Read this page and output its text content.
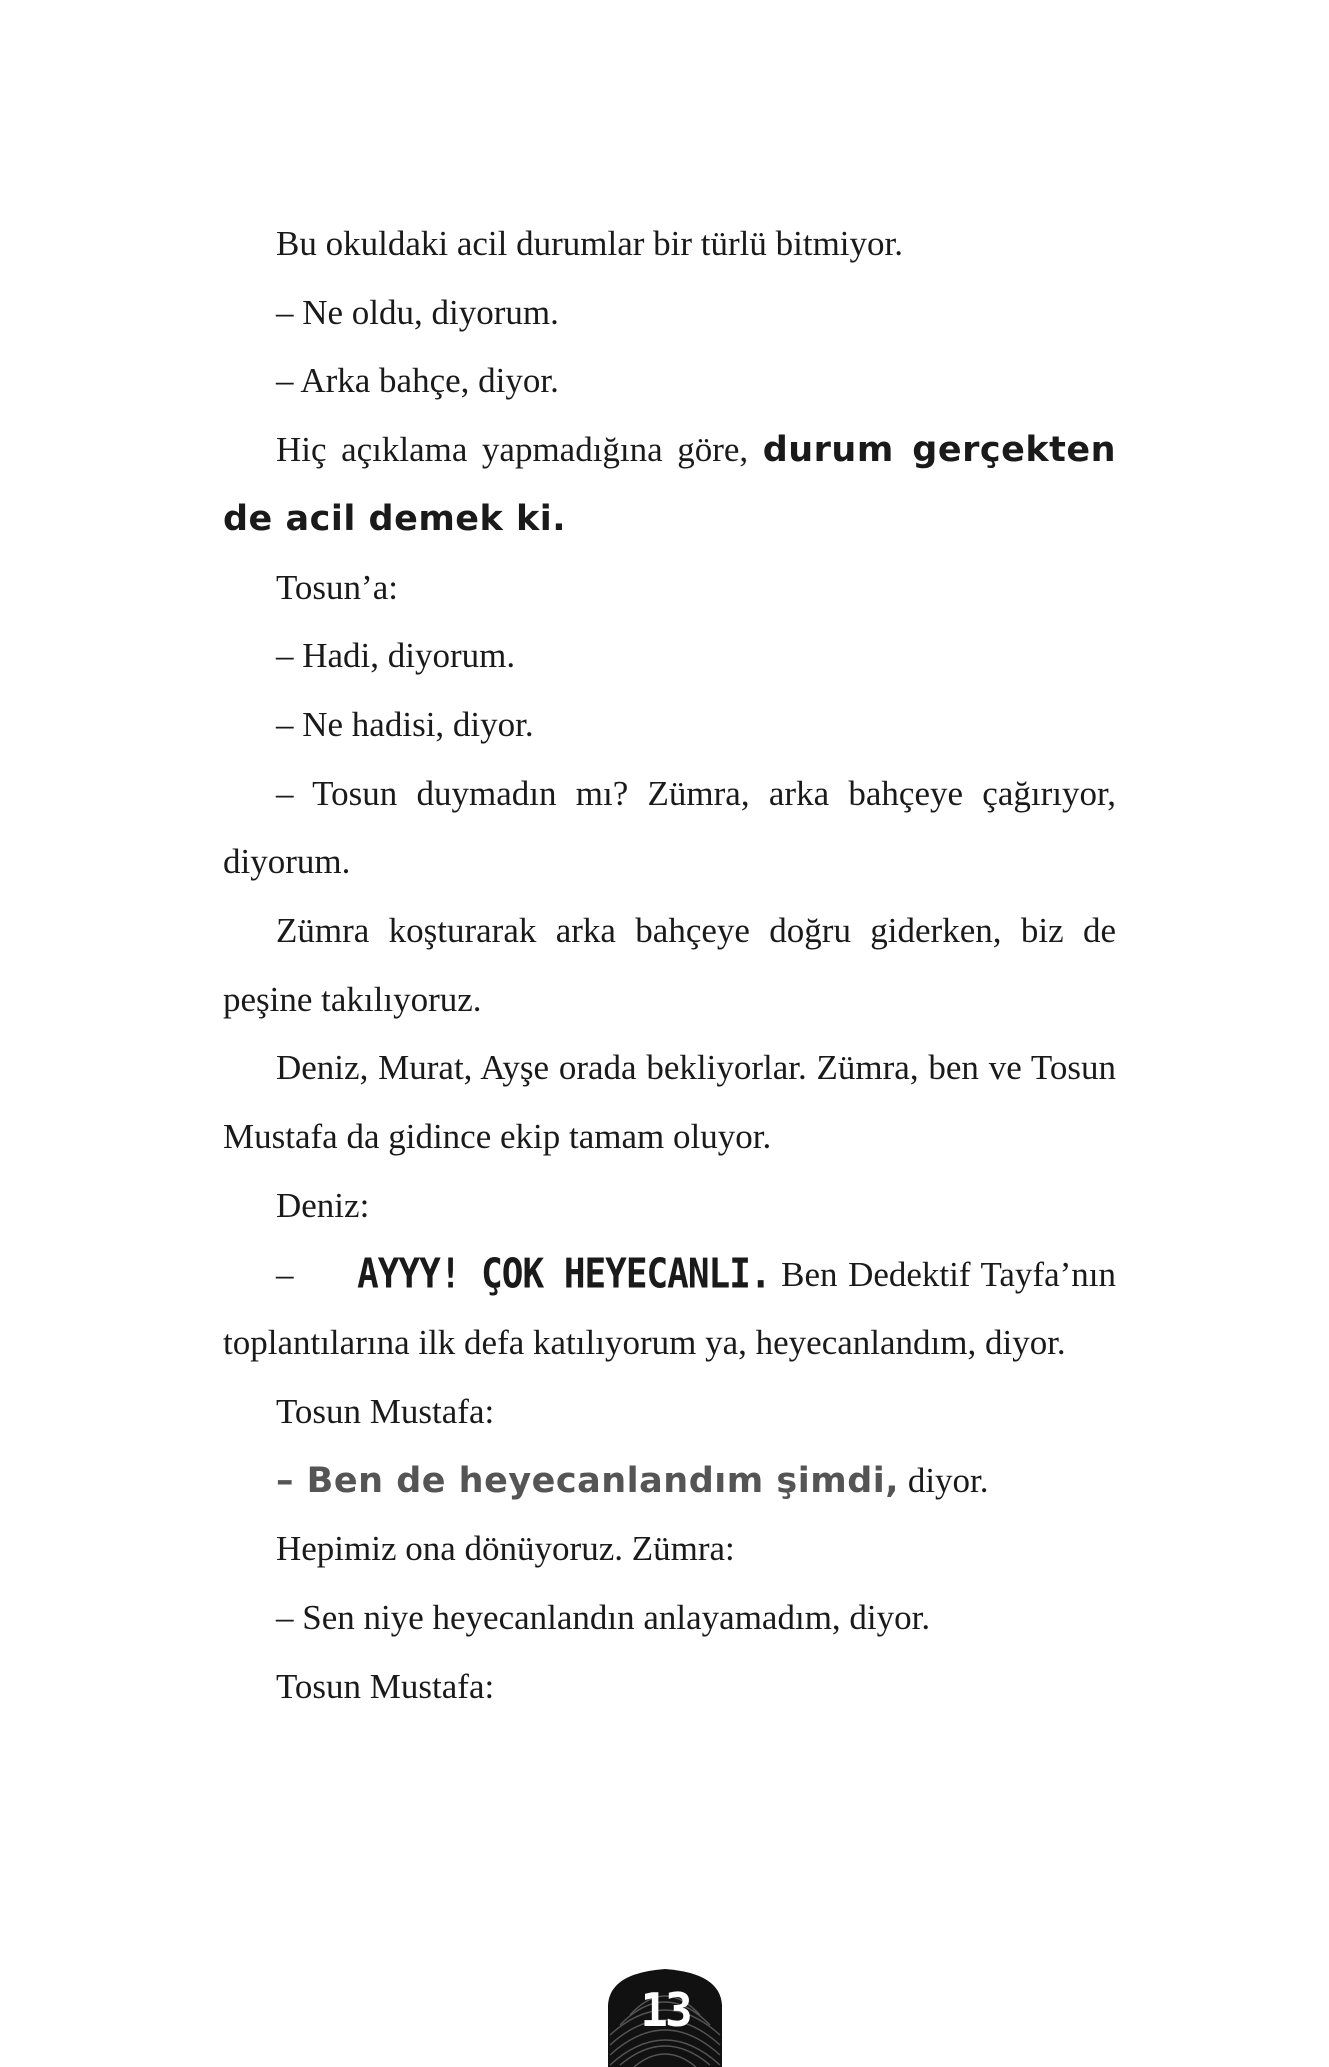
Bu okuldaki acil durumlar bir türlü bitmiyor.

– Ne oldu, diyorum.

– Arka bahçe, diyor.

Hiç açıklama yapmadığına göre, durum gerçekten de acil demek ki.

Tosun’a:

– Hadi, diyorum.

– Ne hadisi, diyor.

– Tosun duymadın mı? Zümra, arka bahçeye çağırıyor, diyorum.

Zümra koşturarak arka bahçeye doğru giderken, biz de peşine takılıyoruz.

Deniz, Murat, Ayşe orada bekliyorlar. Zümra, ben ve Tosun Mustafa da gidince ekip tamam oluyor.

Deniz:

– AYYY! ÇOK HEYECANLI. Ben Dedektif Tayfa’nın toplantılarına ilk defa katılıyorum ya, heyecanlandım, diyor.

Tosun Mustafa:

– Ben de heyecanlandım şimdi, diyor.

Hepimiz ona dönüyoruz. Zümra:

– Sen niye heyecanlandın anlayamadım, diyor.

Tosun Mustafa:

13
